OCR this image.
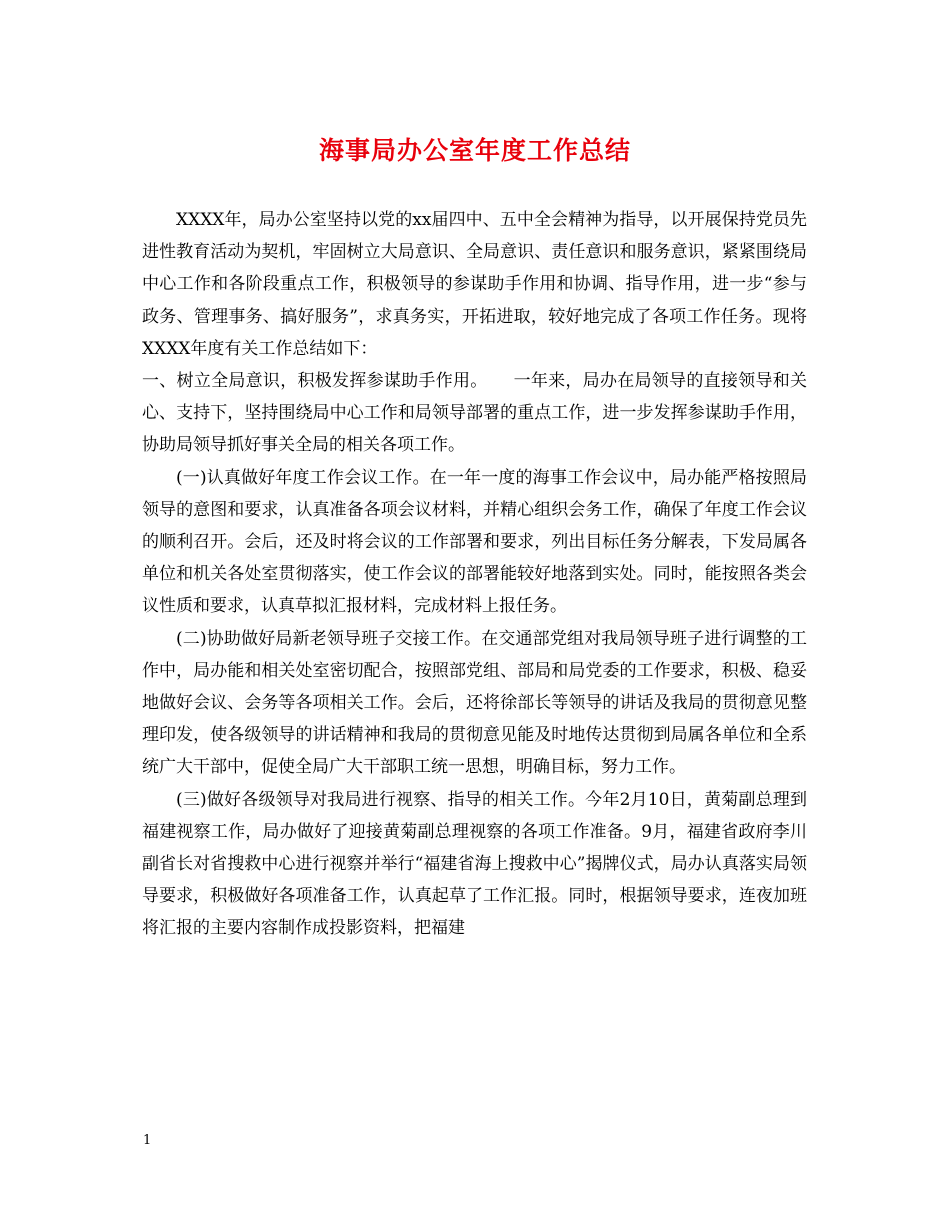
海事局办公室年度工作总结

XXXX年，局办公室坚持以党的xx届四中、五中全会精神为指导，以开展保持党员先进性教育活动为契机，牢固树立大局意识、全局意识、责任意识和服务意识，紧紧围绕局中心工作和各阶段重点工作，积极领导的参谋助手作用和协调、指导作用，进一步“参与政务、管理事务、搞好服务”，求真务实，开拓进取，较好地完成了各项工作任务。现将XXXX年度有关工作总结如下：

一、树立全局意识，积极发挥参谋助手作用。　　一年来，局办在局领导的直接领导和关心、支持下，坚持围绕局中心工作和局领导部署的重点工作，进一步发挥参谋助手作用，协助局领导抓好事关全局的相关各项工作。

(一)认真做好年度工作会议工作。在一年一度的海事工作会议中，局办能严格按照局领导的意图和要求，认真准备各项会议材料，并精心组织会务工作，确保了年度工作会议的顺利召开。会后，还及时将会议的工作部署和要求，列出目标任务分解表，下发局属各单位和机关各处室贯彻落实，使工作会议的部署能较好地落到实处。同时，能按照各类会议性质和要求，认真草拟汇报材料，完成材料上报任务。

(二)协助做好局新老领导班子交接工作。在交通部党组对我局领导班子进行调整的工作中，局办能和相关处室密切配合，按照部党组、部局和局党委的工作要求，积极、稳妥地做好会议、会务等各项相关工作。会后，还将徐部长等领导的讲话及我局的贯彻意见整理印发，使各级领导的讲话精神和我局的贯彻意见能及时地传达贯彻到局属各单位和全系统广大干部中，促使全局广大干部职工统一思想，明确目标，努力工作。

(三)做好各级领导对我局进行视察、指导的相关工作。今年2月10日，黄菊副总理到福建视察工作，局办做好了迎接黄菊副总理视察的各项工作准备。9月，福建省政府李川副省长对省搜救中心进行视察并举行“福建省海上搜救中心”揭牌仪式，局办认真落实局领导要求，积极做好各项准备工作，认真起草了工作汇报。同时，根据领导要求，连夜加班将汇报的主要内容制作成投影资料，把福建

1
